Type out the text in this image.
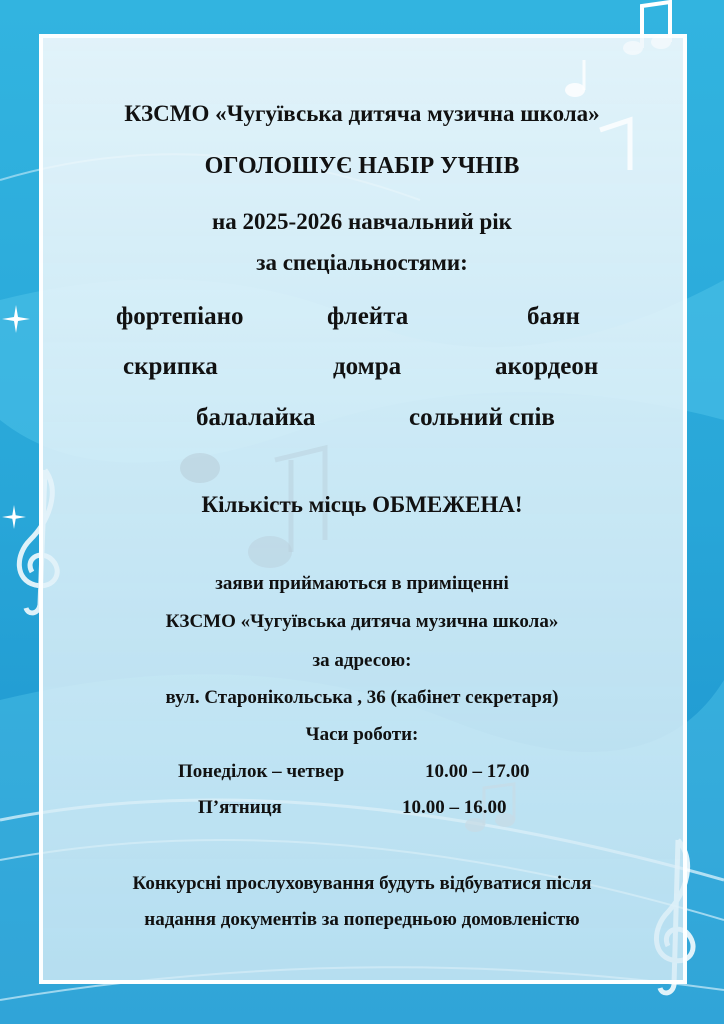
КЗСМО «Чугуївська дитяча музична школа»
ОГОЛОШУЄ НАБІР УЧНІВ
на 2025-2026 навчальний рік
за спеціальностями:
фортепіано	флейта	баян
скрипка	домра	акордеон
балалайка	сольний спів
Кількість місць ОБМЕЖЕНА!
заяви приймаються в приміщенні
КЗСМО «Чугуївська дитяча музична школа»
за адресою:
вул. Старонікольська , 36 (кабінет секретаря)
Часи роботи:
Понеділок – четвер	10.00 – 17.00
П’ятниця	10.00 – 16.00
Конкурсні прослуховування будуть відбуватися після
надання документів за попередньою домовленістю
